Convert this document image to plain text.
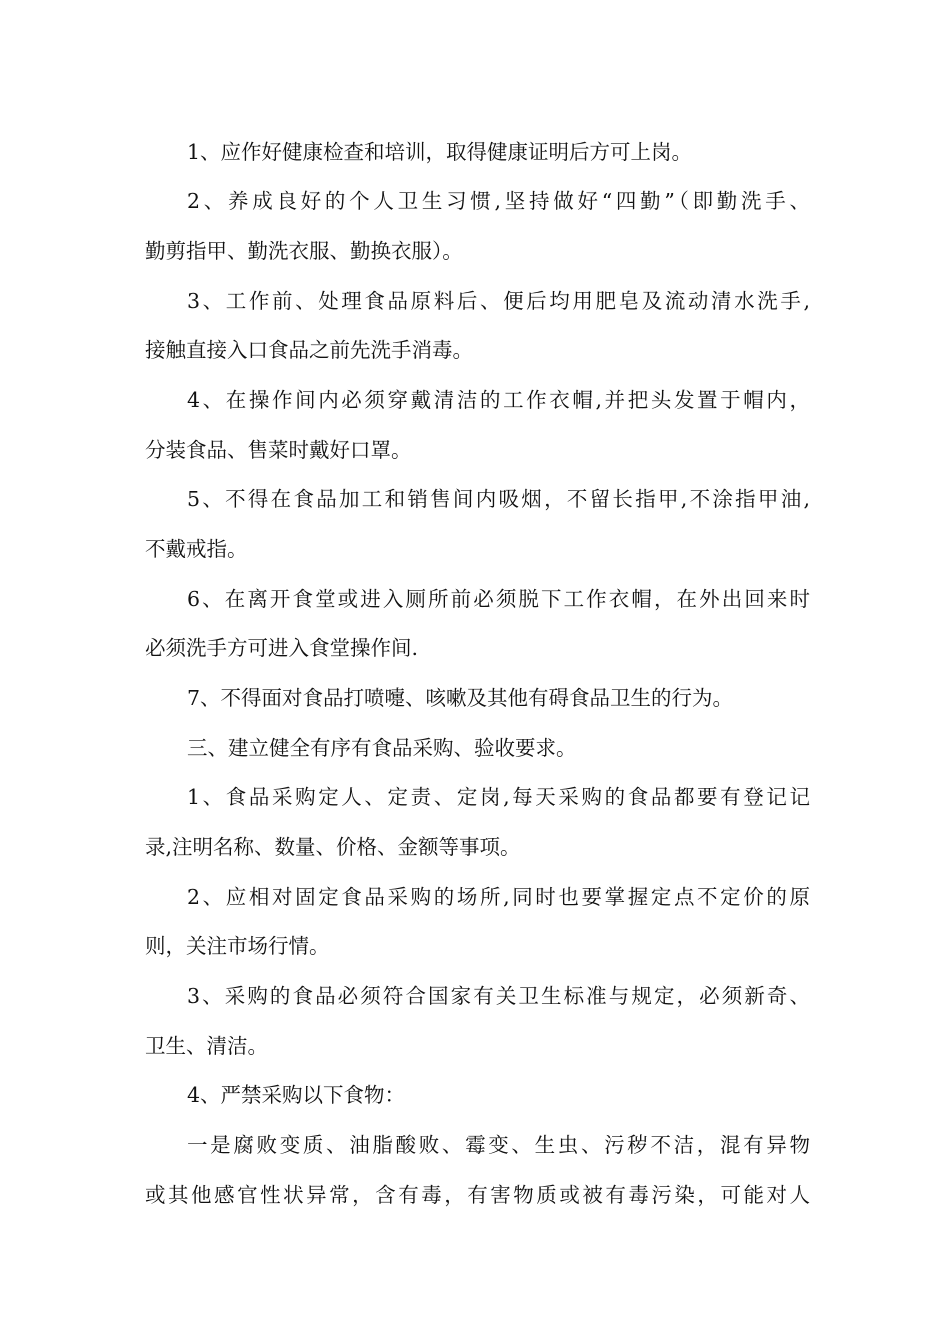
1、应作好健康检查和培训，取得健康证明后方可上岗。
2、养成良好的个人卫生习惯,坚持做好“四勤”（即勤洗手、
勤剪指甲、勤洗衣服、勤换衣服）。
3、工作前、处理食品原料后、便后均用肥皂及流动清水洗手,
接触直接入口食品之前先洗手消毒。
4、在操作间内必须穿戴清洁的工作衣帽,并把头发置于帽内，
分装食品、售菜时戴好口罩。
5、不得在食品加工和销售间内吸烟，不留长指甲,不涂指甲油,
不戴戒指。
6、在离开食堂或进入厕所前必须脱下工作衣帽，在外出回来时
必须洗手方可进入食堂操作间.
7、不得面对食品打喷嚏、咳嗽及其他有碍食品卫生的行为。
三、建立健全有序有食品采购、验收要求。
1、食品采购定人、定责、定岗,每天采购的食品都要有登记记
录,注明名称、数量、价格、金额等事项。
2、应相对固定食品采购的场所,同时也要掌握定点不定价的原
则，关注市场行情。
3、采购的食品必须符合国家有关卫生标准与规定，必须新奇、
卫生、清洁。
4、严禁采购以下食物：
一是腐败变质、油脂酸败、霉变、生虫、污秽不洁，混有异物
或其他感官性状异常，含有毒，有害物质或被有毒污染，可能对人
